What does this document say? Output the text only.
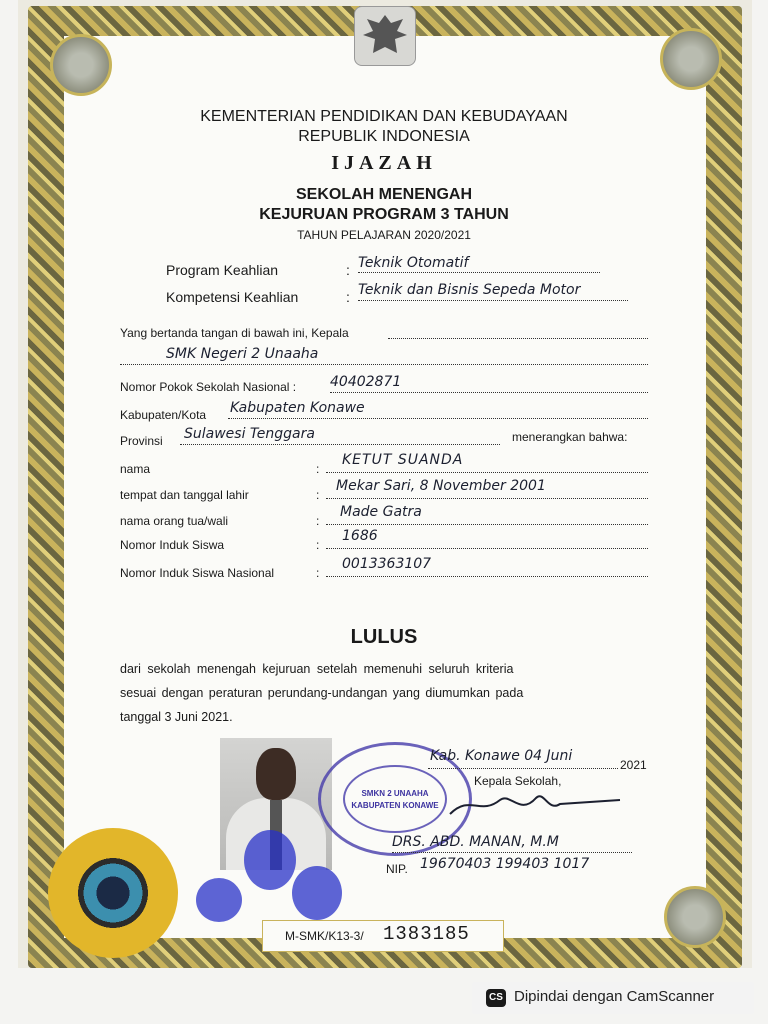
KEMENTERIAN PENDIDIKAN DAN KEBUDAYAAN
REPUBLIK INDONESIA
IJAZAH
SEKOLAH MENENGAH
KEJURUAN PROGRAM 3 TAHUN
TAHUN PELAJARAN 2020/2021
Program Keahlian	: Teknik Otomatif
Kompetensi Keahlian	: Teknik dan Bisnis Sepeda Motor
Yang bertanda tangan di bawah ini, Kepala
SMK Negeri 2 Unaaha
Nomor Pokok Sekolah Nasional : 40402871
Kabupaten/Kota Kabupaten Konawe
Provinsi Sulawesi Tenggara	menerangkan bahwa:
nama	:
KETUT SUANDA
tempat dan tanggal lahir	:
Mekar Sari, 8 November 2001
nama orang tua/wali	:
Made Gatra
Nomor Induk Siswa	:
1686
Nomor Induk Siswa Nasional	:
0013363107
LULUS
dari sekolah menengah kejuruan setelah memenuhi seluruh kriteria
sesuai dengan peraturan perundang-undangan yang diumumkan pada
tanggal 3 Juni 2021.
SMKN 2 UNAAHA
KABUPATEN KONAWE
Kab. Konawe 04 Juni
2021
Kepala Sekolah,
DRS. ABD. MANAN, M.M
NIP. 19670403 199403 1017
M-SMK/K13-3/ 1383185
CS Dipindai dengan CamScanner
